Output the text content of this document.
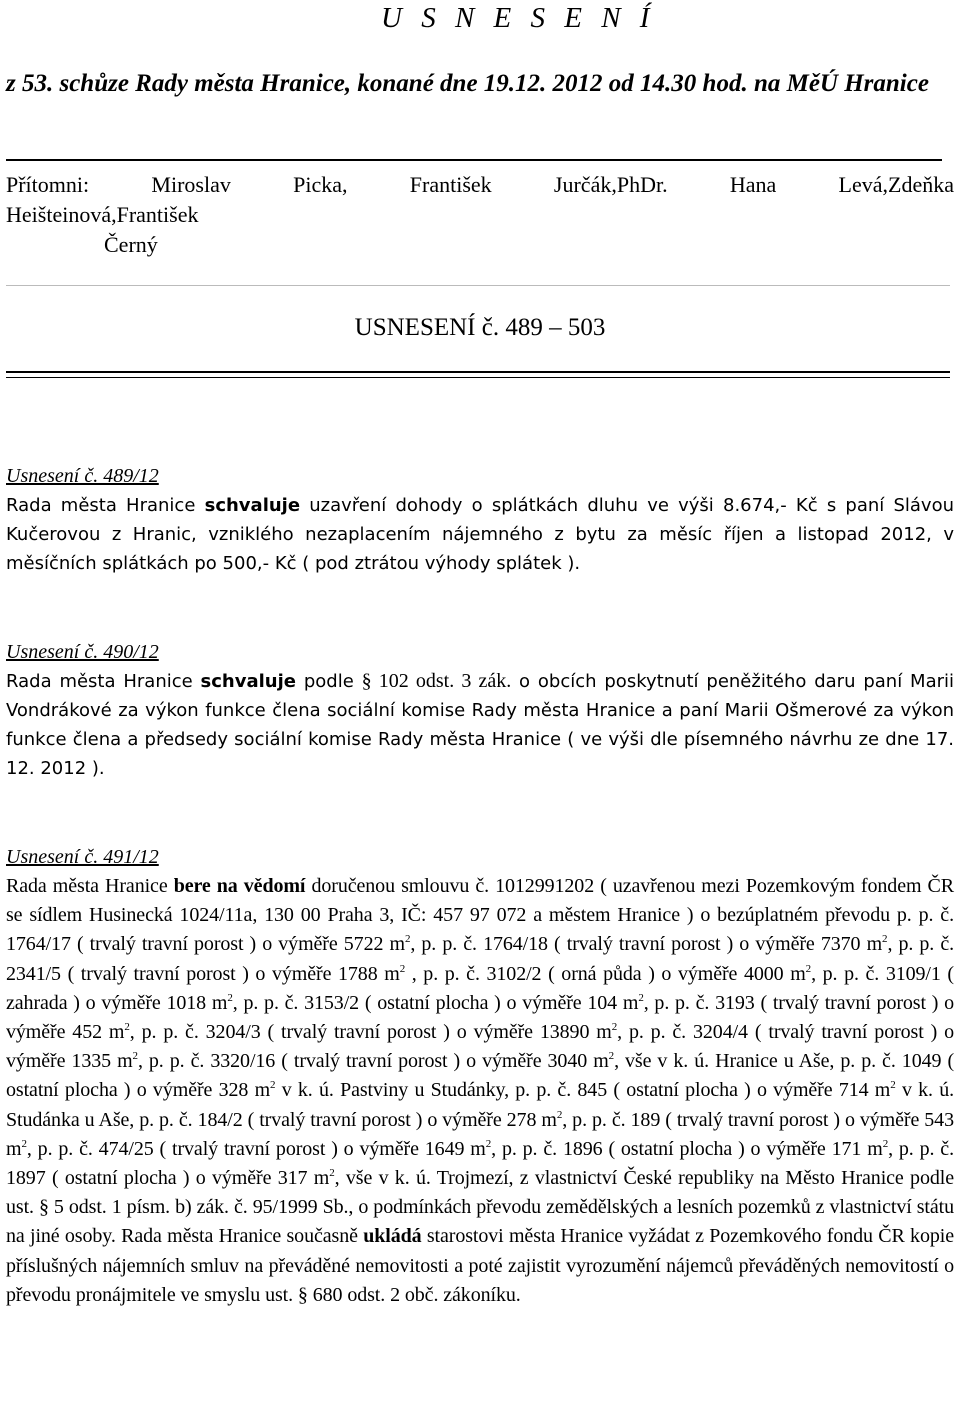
U S N E S E N Í

z 53. schůze Rady města Hranice, konané dne 19.12. 2012 od 14.30 hod. na MěÚ Hranice

Přítomni:	Miroslav	Picka,	František	Jurčák,PhDr.	Hana	Levá,Zdeňka
Heišteinová,František
Černý

USNESENÍ č. 489 – 503

Usnesení č. 489/12

Rada města Hranice schvaluje uzavření dohody o splátkách dluhu ve výši 8.674,- Kč s paní Slávou Kučerovou z Hranic, vzniklého nezaplacením nájemného z bytu za měsíc říjen a listopad 2012, v měsíčních splátkách po 500,- Kč ( pod ztrátou výhody splátek ).

Usnesení č. 490/12

Rada města Hranice schvaluje podle § 102 odst. 3 zák. o obcích poskytnutí peněžitého daru paní Marii Vondrákové za výkon funkce člena sociální komise Rady města Hranice a paní Marii Ošmerové za výkon funkce člena a předsedy sociální komise Rady města Hranice ( ve výši dle písemného návrhu ze dne 17. 12. 2012 ).

Usnesení č. 491/12

Rada města Hranice bere na vědomí doručenou smlouvu č. 1012991202 ( uzavřenou mezi Pozemkovým fondem ČR se sídlem Husinecká 1024/11a, 130 00 Praha 3, IČ: 457 97 072 a městem Hranice ) o bezúplatném převodu p. p. č. 1764/17 ( trvalý travní porost ) o výměře 5722 $m^2$, p. p. č. 1764/18 ( trvalý travní porost ) o výměře 7370 $m^2$, p. p. č. 2341/5 ( trvalý travní porost ) o výměře 1788 $m^2$ , p. p. č. 3102/2 ( orná půda ) o výměře 4000 $m^2$, p. p. č. 3109/1 ( zahrada ) o výměře 1018 $m^2$, p. p. č. 3153/2 ( ostatní plocha ) o výměře 104 $m^2$, p. p. č. 3193 ( trvalý travní porost ) o výměře 452 $m^2$, p. p. č. 3204/3 ( trvalý travní porost ) o výměře 13890 $m^2$, p. p. č. 3204/4 ( trvalý travní porost ) o výměře 1335 $m^2$, p. p. č. 3320/16 ( trvalý travní porost ) o výměře 3040 $m^2$, vše v k. ú. Hranice u Aše, p. p. č. 1049 ( ostatní plocha ) o výměře 328 $m^2$ v k. ú. Pastviny u Studánky, p. p. č. 845 ( ostatní plocha ) o výměře 714 $m^2$ v k. ú. Studánka u Aše, p. p. č. 184/2 ( trvalý travní porost ) o výměře 278 $m^2$, p. p. č. 189 ( trvalý travní porost ) o výměře 543 $m^2$, p. p. č. 474/25 ( trvalý travní porost ) o výměře 1649 $m^2$, p. p. č. 1896 ( ostatní plocha ) o výměře 171 $m^2$, p. p. č. 1897 ( ostatní plocha ) o výměře 317 $m^2$, vše v k. ú. Trojmezí, z vlastnictví České republiky na Město Hranice podle ust. § 5 odst. 1 písm. b) zák. č. 95/1999 Sb., o podmínkách převodu zemědělských a lesních pozemků z vlastnictví státu na jiné osoby. Rada města Hranice současně ukládá starostovi města Hranice vyžádat z Pozemkového fondu ČR kopie příslušných nájemních smluv na převáděné nemovitosti a poté zajistit vyrozumění nájemců převáděných nemovitostí o převodu pronájmitele ve smyslu ust. § 680 odst. 2 obč. zákoníku.
